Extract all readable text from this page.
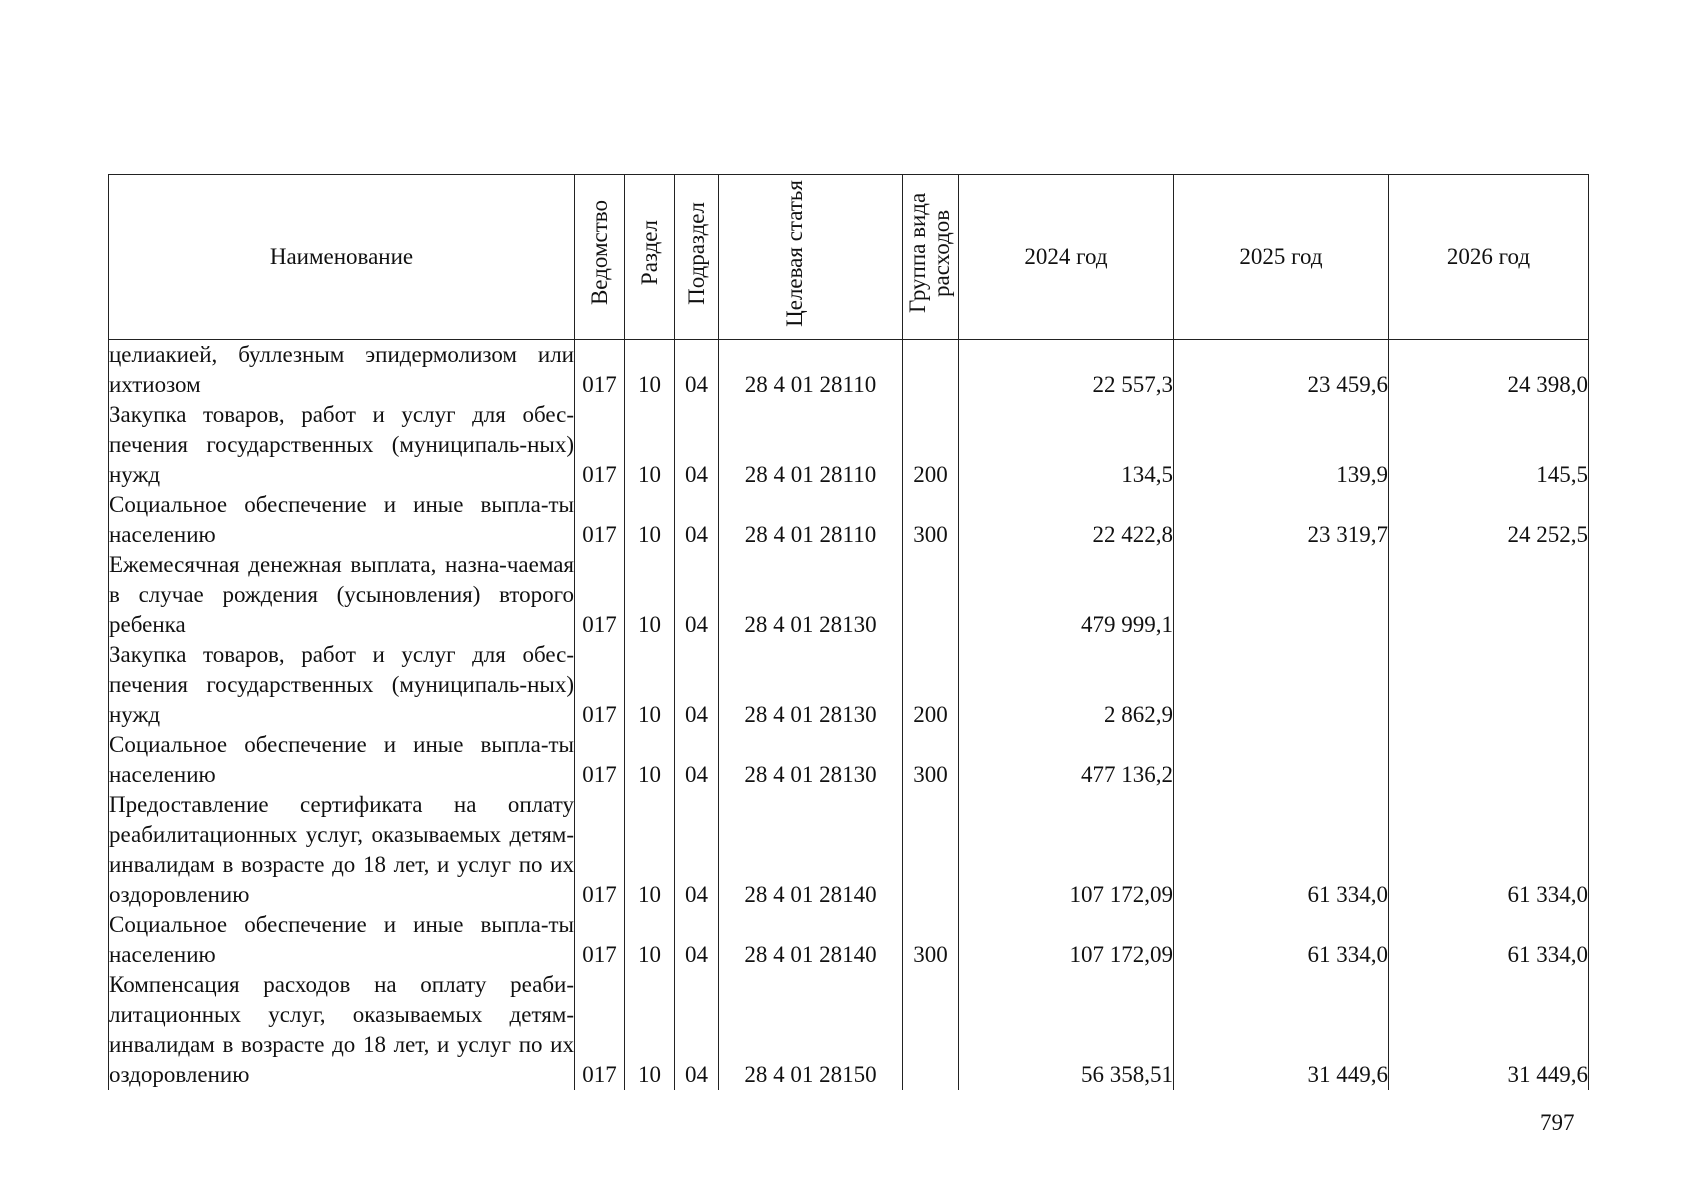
Наименование	Ведомство	Раздел	Подраздел	Целевая статья	Группа вида расходов	2024 год	2025 год	2026 год
целиакией, буллезным эпидермолизом или ихтиозом	017	10	04	28 4 01 28110		22 557,3	23 459,6	24 398,0
Закупка товаров, работ и услуг для обес-печения государственных (муниципаль-ных) нужд	017	10	04	28 4 01 28110	200	134,5	139,9	145,5
Социальное обеспечение и иные выпла-ты населению	017	10	04	28 4 01 28110	300	22 422,8	23 319,7	24 252,5
Ежемесячная денежная выплата, назна-чаемая в случае рождения (усыновления) второго ребенка	017	10	04	28 4 01 28130		479 999,1		
Закупка товаров, работ и услуг для обес-печения государственных (муниципаль-ных) нужд	017	10	04	28 4 01 28130	200	2 862,9		
Социальное обеспечение и иные выпла-ты населению	017	10	04	28 4 01 28130	300	477 136,2		
Предоставление сертификата на оплату реабилитационных услуг, оказываемых детям-инвалидам в возрасте до 18 лет, и услуг по их оздоровлению	017	10	04	28 4 01 28140		107 172,09	61 334,0	61 334,0
Социальное обеспечение и иные выпла-ты населению	017	10	04	28 4 01 28140	300	107 172,09	61 334,0	61 334,0
Компенсация расходов на оплату реаби-литационных услуг, оказываемых детям-инвалидам в возрасте до 18 лет, и услуг по их оздоровлению	017	10	04	28 4 01 28150		56 358,51	31 449,6	31 449,6
797
